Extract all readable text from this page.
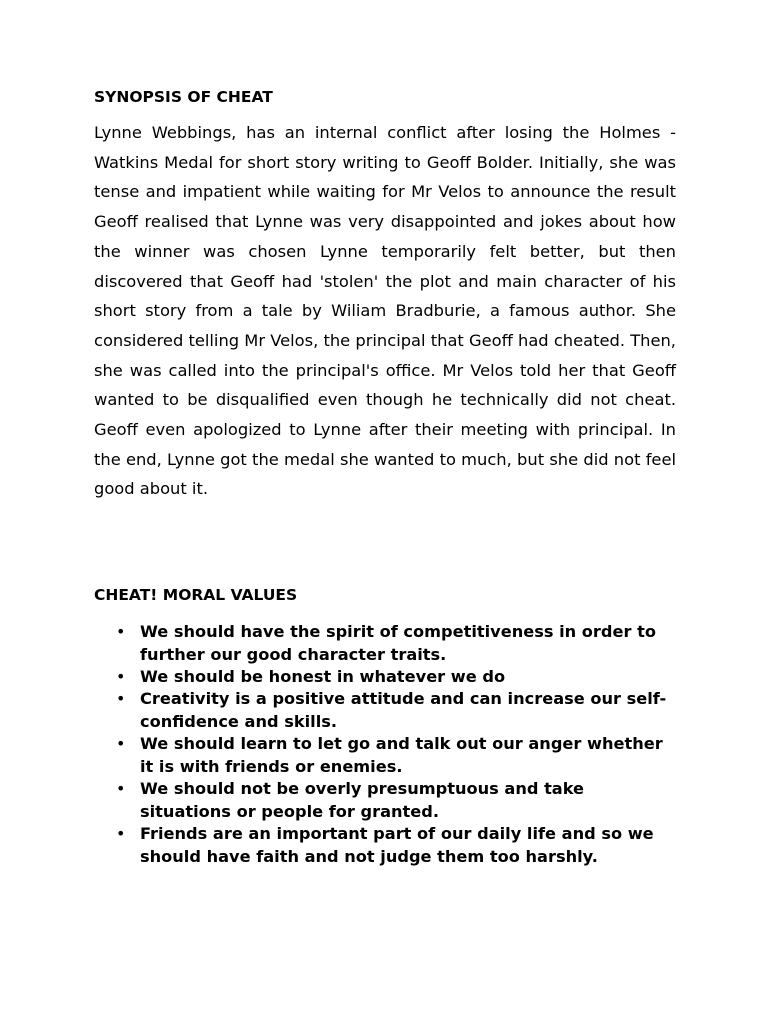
SYNOPSIS OF CHEAT

Lynne Webbings, has an internal conflict after losing the Holmes - Watkins Medal for short story writing to Geoff Bolder. Initially, she was tense and impatient while waiting for Mr Velos to announce the result Geoff realised that Lynne was very disappointed and jokes about how the winner was chosen Lynne temporarily felt better, but then discovered that Geoff had 'stolen' the plot and main character of his short story from a tale by Wiliam Bradburie, a famous author. She considered telling Mr Velos, the principal that Geoff had cheated. Then, she was called into the principal's office. Mr Velos told her that Geoff wanted to be disqualified even though he technically did not cheat. Geoff even apologized to Lynne after their meeting with principal. In the end, Lynne got the medal she wanted to much, but she did not feel good about it.

CHEAT! MORAL VALUES
• We should have the spirit of competitiveness in order to further our good character traits.
• We should be honest in whatever we do
• Creativity is a positive attitude and can increase our self-confidence and skills.
• We should learn to let go and talk out our anger whether it is with friends or enemies.
• We should not be overly presumptuous and take situations or people for granted.
• Friends are an important part of our daily life and so we should have faith and not judge them too harshly.
